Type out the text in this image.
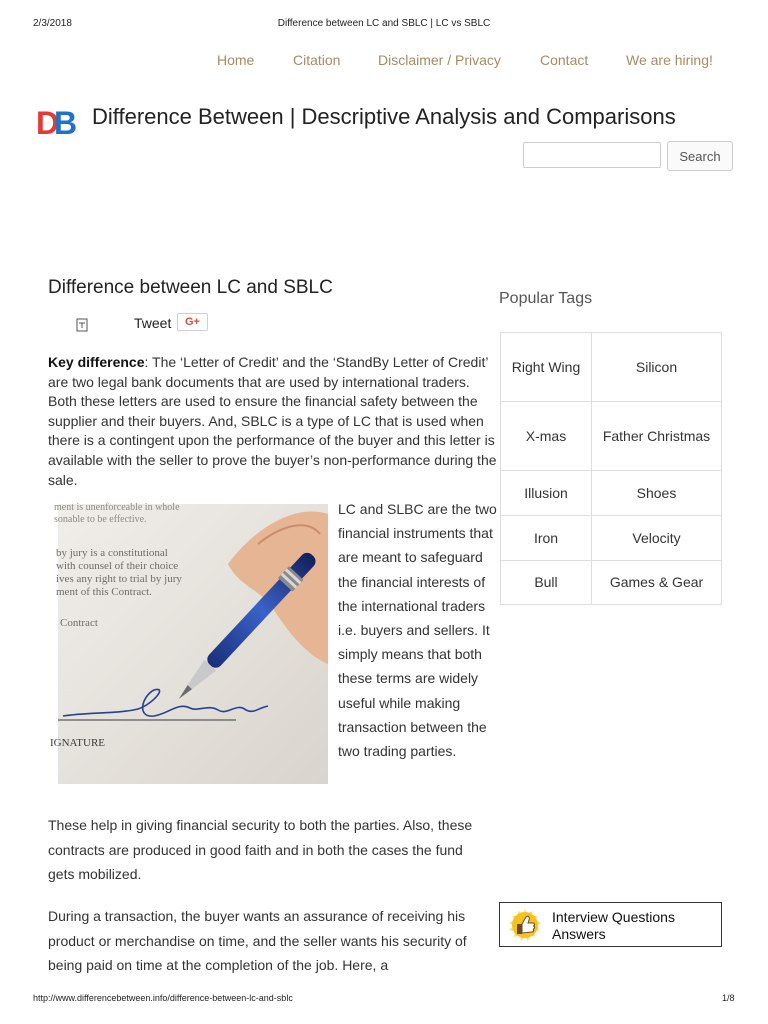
2/3/2018	Difference between LC and SBLC | LC vs SBLC
Home	Citation	Disclaimer / Privacy	Contact	We are hiring!
D
B Difference Between | Descriptive Analysis and Comparisons
Search
Difference between LC and SBLC
Tweet	G+
Key difference: The ‘Letter of Credit’ and the ‘StandBy Letter of Credit’ are two legal bank documents that are used by international traders. Both these letters are used to ensure the financial safety between the supplier and their buyers. And, SBLC is a type of LC that is used when there is a contingent upon the performance of the buyer and this letter is available with the seller to prove the buyer’s non-performance during the sale.
ment is unenforceable in whole
sonable to be effective.
by jury is a constitutional
with counsel of their choice
ives any right to trial by jury
ment of this Contract.
Contract
IGNATURE
LC and SLBC are the two financial instruments that are meant to safeguard the financial interests of the international traders i.e. buyers and sellers. It simply means that both these terms are widely useful while making transaction between the two trading parties.
These help in giving financial security to both the parties. Also, these contracts are produced in good faith and in both the cases the fund gets mobilized.
During a transaction, the buyer wants an assurance of receiving his product or merchandise on time, and the seller wants his security of being paid on time at the completion of the job. Here, a
Popular Tags
Right Wing	Silicon
X-mas	Father Christmas
Illusion	Shoes
Iron	Velocity
Bull	Games & Gear
Interview Questions
Answers
http://www.differencebetween.info/difference-between-lc-and-sblc	1/8
